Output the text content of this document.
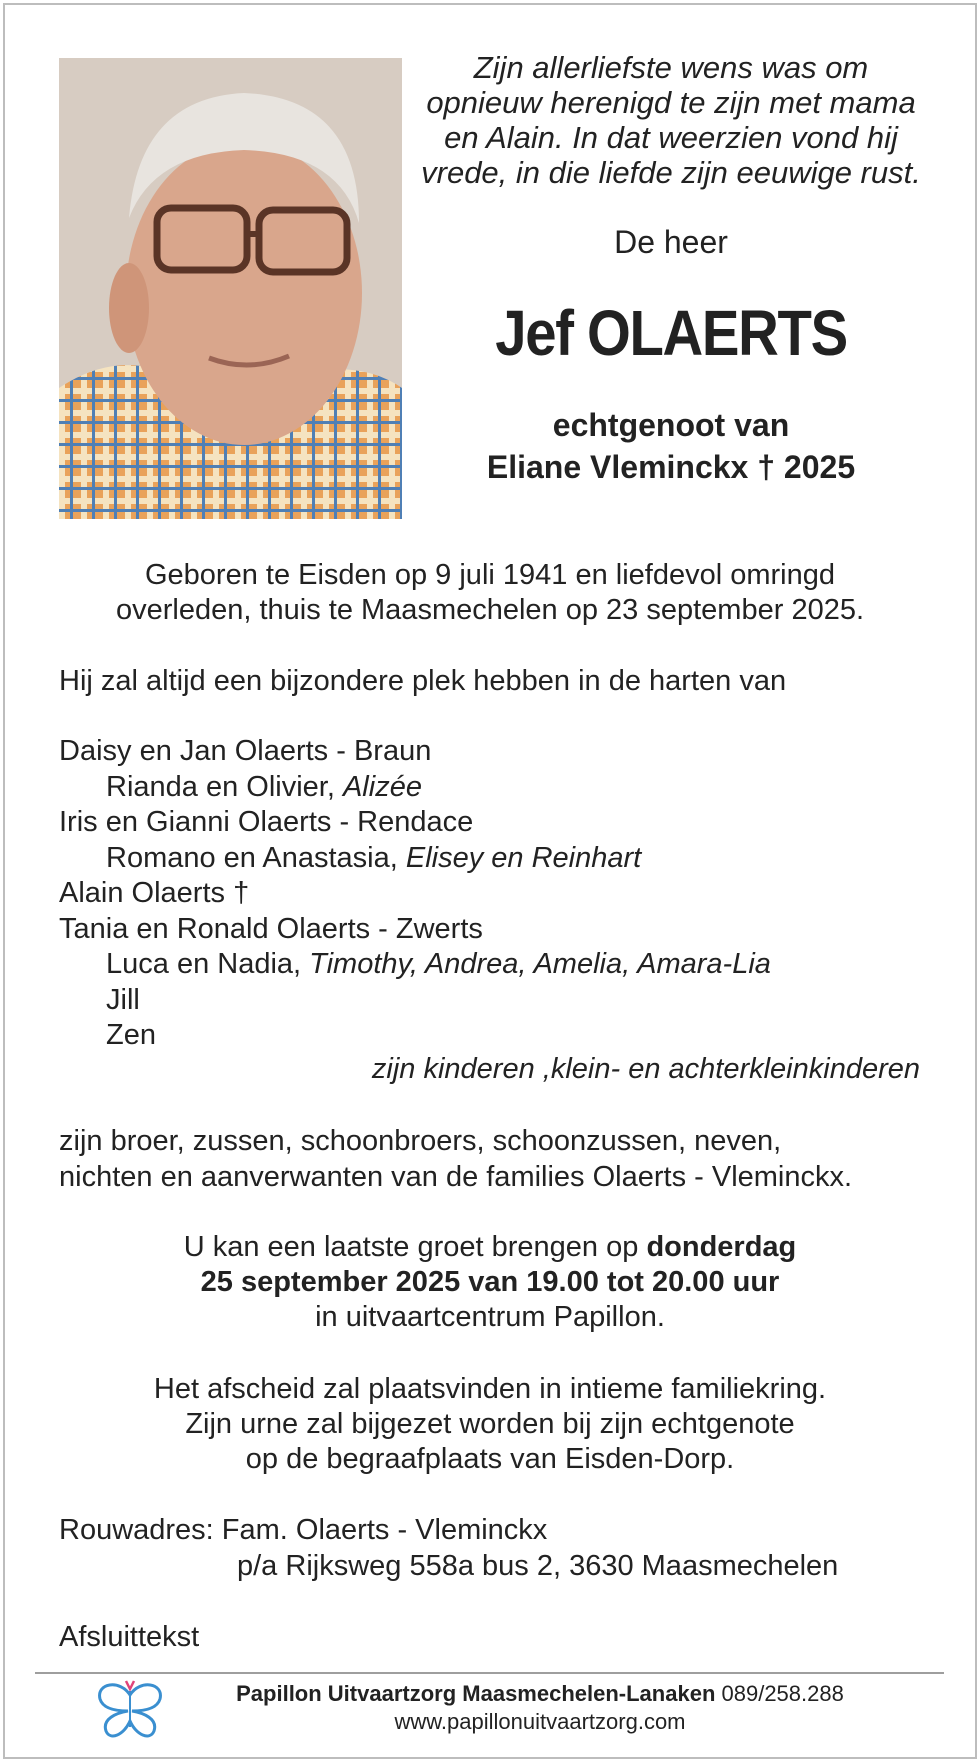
Zijn allerliefste wens was om
opnieuw herenigd te zijn met mama
en Alain. In dat weerzien vond hij
vrede, in die liefde zijn eeuwige rust.
De heer
Jef OLAERTS
echtgenoot van
Eliane Vleminckx † 2025
Geboren te Eisden op 9 juli 1941 en liefdevol omringd
overleden, thuis te Maasmechelen op 23 september 2025.
Hij zal altijd een bijzondere plek hebben in de harten van
Daisy en Jan Olaerts - Braun
Rianda en Olivier, Alizée
Iris en Gianni Olaerts - Rendace
Romano en Anastasia, Elisey en Reinhart
Alain Olaerts †
Tania en Ronald Olaerts - Zwerts
Luca en Nadia, Timothy, Andrea, Amelia, Amara-Lia
Jill
Zen
zijn kinderen ,klein- en achterkleinkinderen
zijn broer, zussen, schoonbroers, schoonzussen, neven,
nichten en aanverwanten van de families Olaerts - Vleminckx.
U kan een laatste groet brengen op donderdag
25 september 2025 van 19.00 tot 20.00 uur
in uitvaartcentrum Papillon.
Het afscheid zal plaatsvinden in intieme familiekring.
Zijn urne zal bijgezet worden bij zijn echtgenote
op de begraafplaats van Eisden-Dorp.
Rouwadres: Fam. Olaerts - Vleminckx
p/a Rijksweg 558a bus 2, 3630 Maasmechelen
Afsluittekst
Papillon Uitvaartzorg Maasmechelen-Lanaken 089/258.288
www.papillonuitvaartzorg.com
